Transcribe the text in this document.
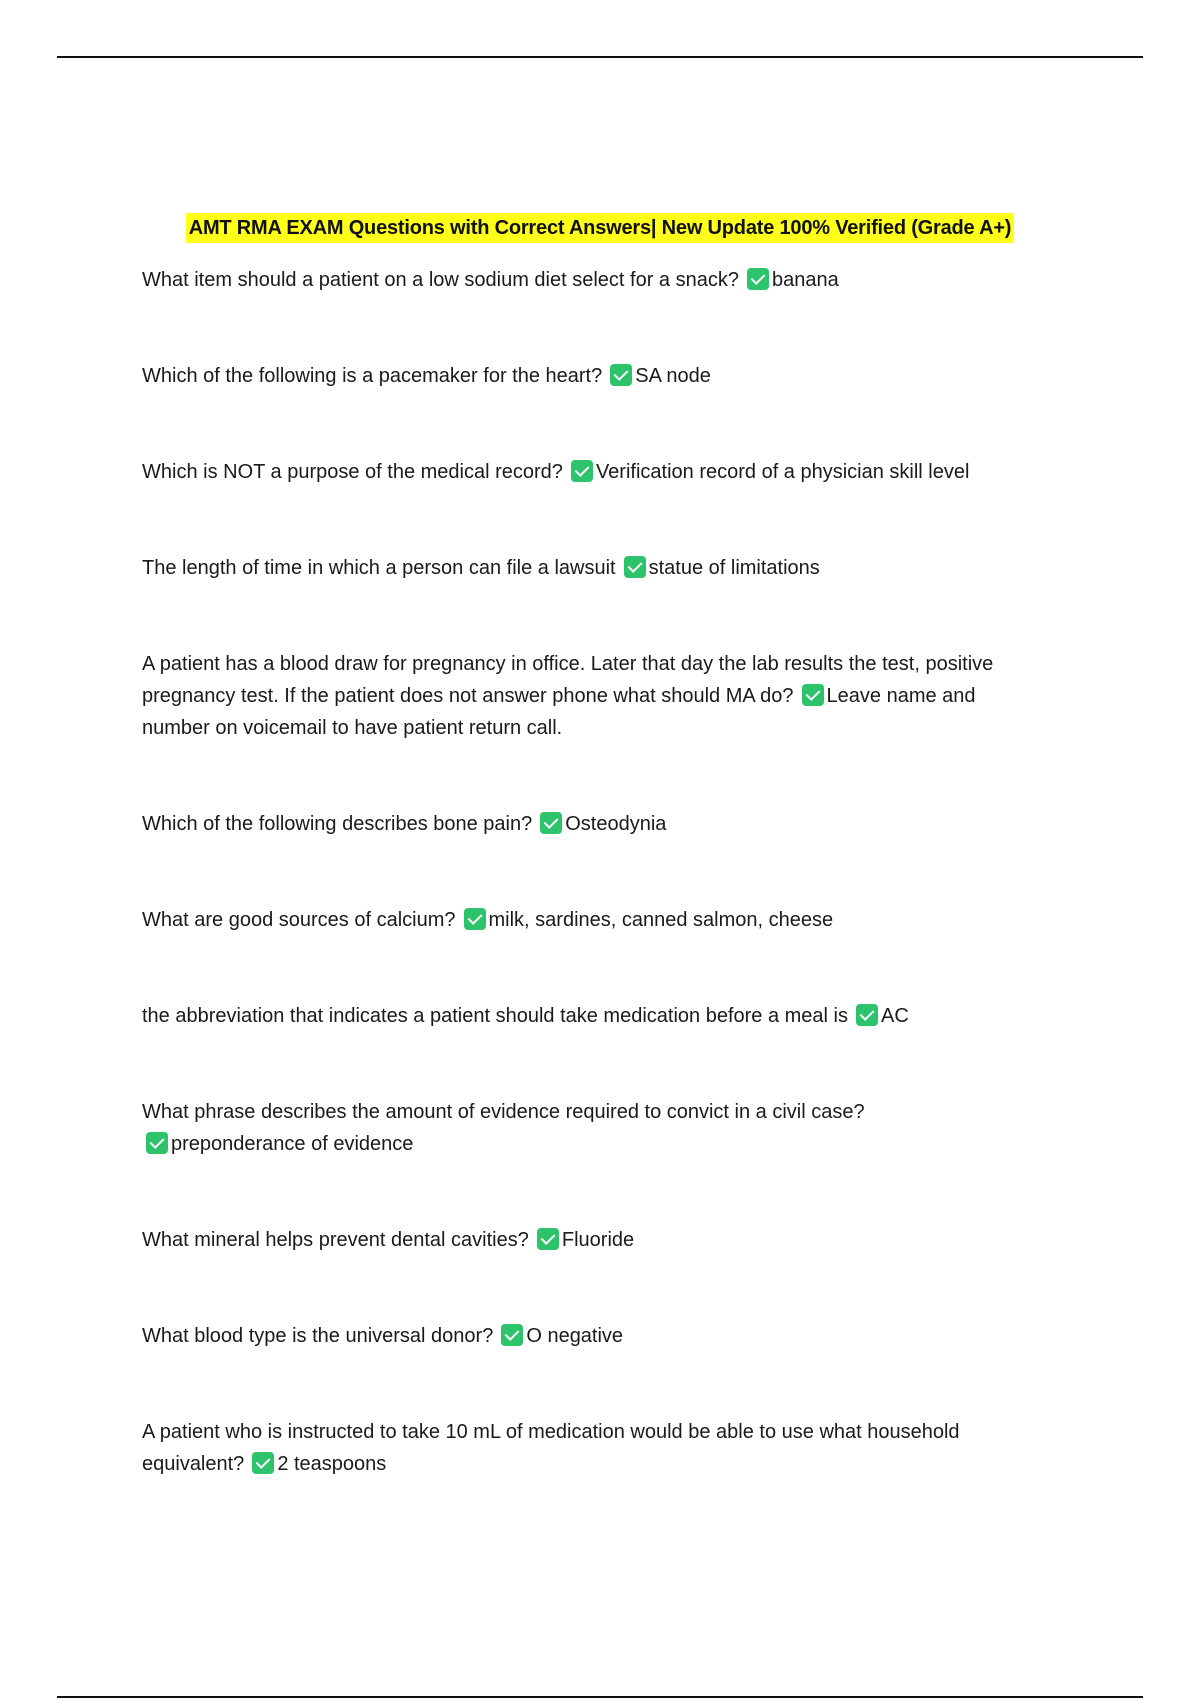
AMT RMA EXAM Questions with Correct Answers| New Update 100% Verified (Grade A+)

What item should a patient on a low sodium diet select for a snack? banana

Which of the following is a pacemaker for the heart? SA node

Which is NOT a purpose of the medical record? Verification record of a physician skill level

The length of time in which a person can file a lawsuit statue of limitations

A patient has a blood draw for pregnancy in office. Later that day the lab results the test, positive pregnancy test. If the patient does not answer phone what should MA do? Leave name and number on voicemail to have patient return call.

Which of the following describes bone pain? Osteodynia

What are good sources of calcium? milk, sardines, canned salmon, cheese

the abbreviation that indicates a patient should take medication before a meal is AC

What phrase describes the amount of evidence required to convict in a civil case?
preponderance of evidence

What mineral helps prevent dental cavities? Fluoride

What blood type is the universal donor? O negative

A patient who is instructed to take 10 mL of medication would be able to use what household equivalent? 2 teaspoons
